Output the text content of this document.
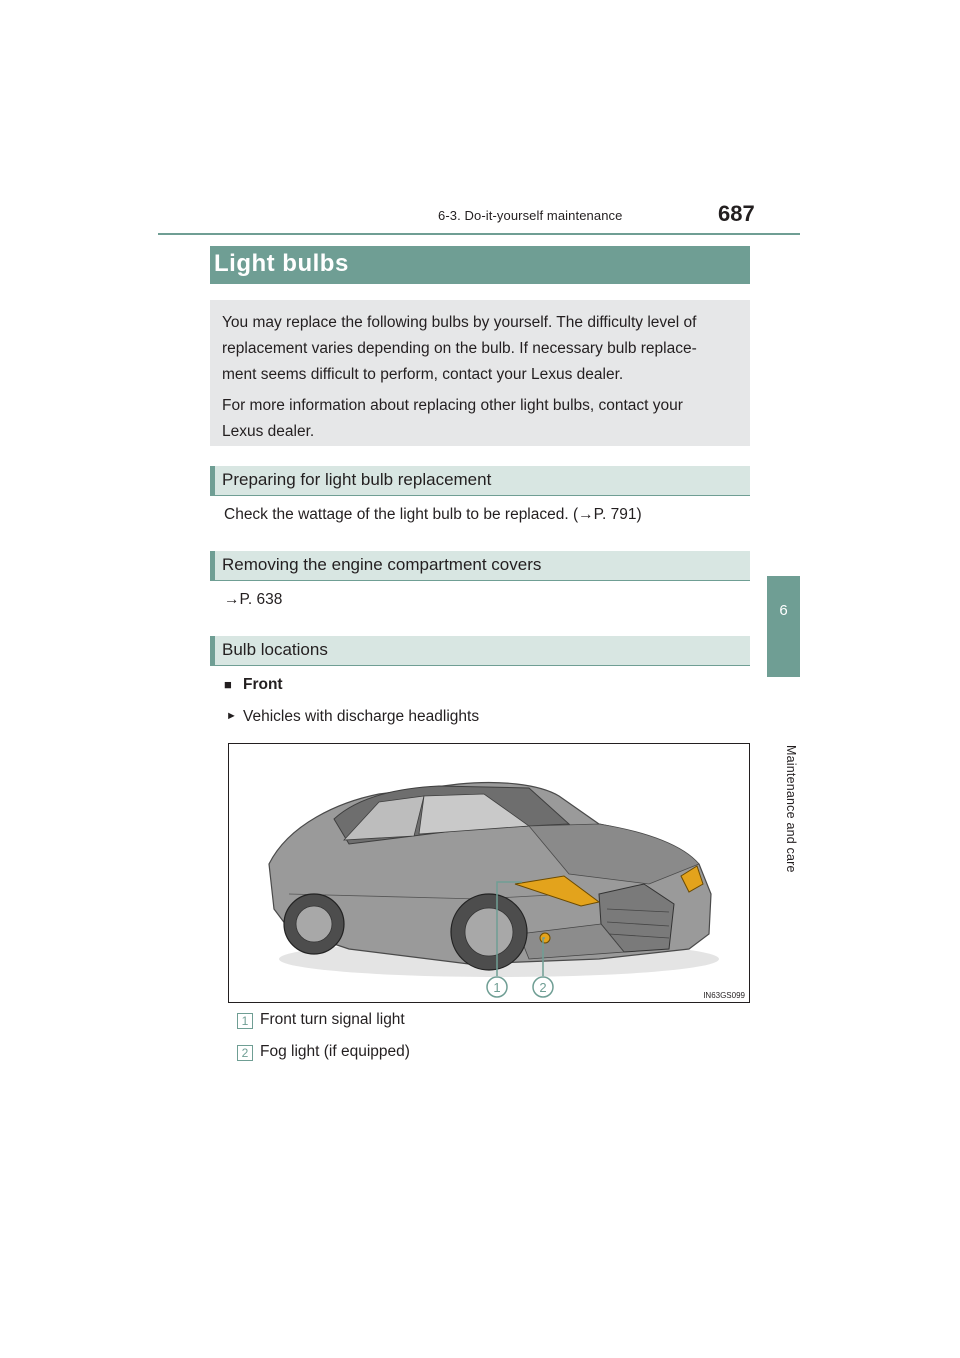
6-3. Do-it-yourself maintenance	687
6
Maintenance and care
Light bulbs
You may replace the following bulbs by yourself. The difficulty level of
replacement varies depending on the bulb. If necessary bulb replace-
ment seems difficult to perform, contact your Lexus dealer.
For more information about replacing other light bulbs, contact your
Lexus dealer.
Preparing for light bulb replacement
Check the wattage of the light bulb to be replaced. (→P. 791)
Removing the engine compartment covers
→P. 638
Bulb locations
■ Front
► Vehicles with discharge headlights
1	2
IN63GS099
1 Front turn signal light
2 Fog light (if equipped)
